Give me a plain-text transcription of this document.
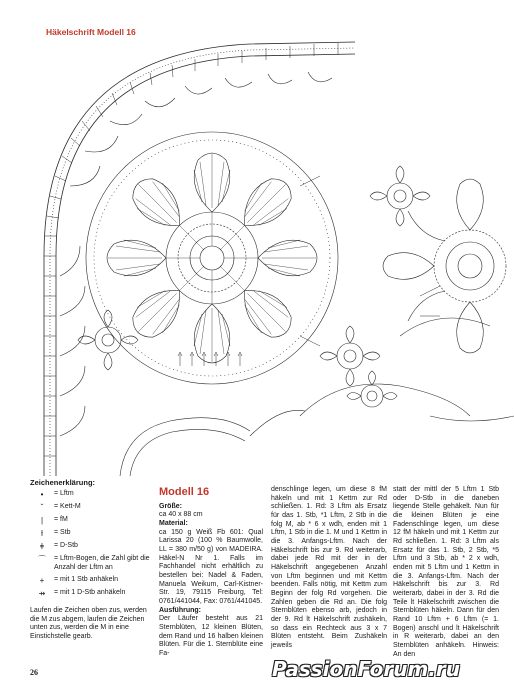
Häkelschrift Modell 16
Zeichenerklärung:
•	= Lftm
ˇ	= Kett-M
|	= fM
ƚ	= Stb
ǂ	= D-Stb
⌒	= Lftm-Bogen, die Zahl gibt die Anzahl der Lftm an
+	= mit 1 Stb anhäkeln
⇸	= mit 1 D-Stb anhäkeln
Laufen die Zeichen oben zus, werden die M zus abgem, laufen die Zeichen unten zus, werden die M in eine Einstichstelle gearb.
26
Modell 16
Größe:
ca 40 x 88 cm
Material:
ca 150 g Weiß Fb 601: Qual Larissa 20 (100 % Baumwolle, LL = 380 m/50 g) von MADEIRA. Häkel-N Nr 1. Falls im Fachhandel nicht erhältlich zu bestellen bei: Nadel & Faden, Manuela Weikum, Carl-Kistner-Str. 19, 79115 Freiburg, Tel: 0761/441044, Fax: 0761/441045.
Ausführung:
Der Läufer besteht aus 21 Sternblüten, 12 kleinen Blüten, dem Rand und 16 halben kleinen Blüten. Für die 1. Sternblüte eine Fa-
denschlinge legen, um diese 8 fM häkeln und mit 1 Kettm zur Rd schließen. 1. Rd: 3 Lftm als Ersatz für das 1. Stb, *1 Lftm, 2 Stb in die folg M, ab * 6 x wdh, enden mit 1 Lftm, 1 Stb in die 1. M und 1 Kettm in die 3. Anfangs-Lftm. Nach der Häkelschrift bis zur 9. Rd weiterarb, dabei jede Rd mit der in der Häkelschrift angegebenen Anzahl von Lftm beginnen und mit Kettm beenden. Falls nötig, mit Kettm zum Beginn der folg Rd vorgehen. Die Zahlen geben die Rd an. Die folg Sternblüten ebenso arb, jedoch in der 9. Rd lt Häkelschrift zushäkeln, so dass ein Rechteck aus 3 x 7 Blüten entsteht. Beim Zushäkeln jeweils
statt der mittl der 5 Lftm 1 Stb oder D-Stb in die daneben liegende Stelle gehäkelt. Nun für die kleinen Blüten je eine Fadenschlinge legen, um diese 12 fM häkeln und mit 1 Kettm zur Rd schließen. 1. Rd: 3 Lftm als Ersatz für das 1. Stb, 2 Stb, *5 Lftm und 3 Stb, ab * 2 x wdh, enden mit 5 Lftm und 1 Kettm in die 3. Anfangs-Lftm. Nach der Häkelschrift bis zur 3. Rd weiterarb, dabei in der 3. Rd die Teile lt Häkelschrift zwischen die Sternblüten häkeln. Dann für den Rand 10 Lftm + 6 Lftm (= 1. Bogen) anschl und lt Häkelschrift in R weiterarb, dabei an den Sternblüten anhäkeln. Hinweis: An den
PassionForum.ru
